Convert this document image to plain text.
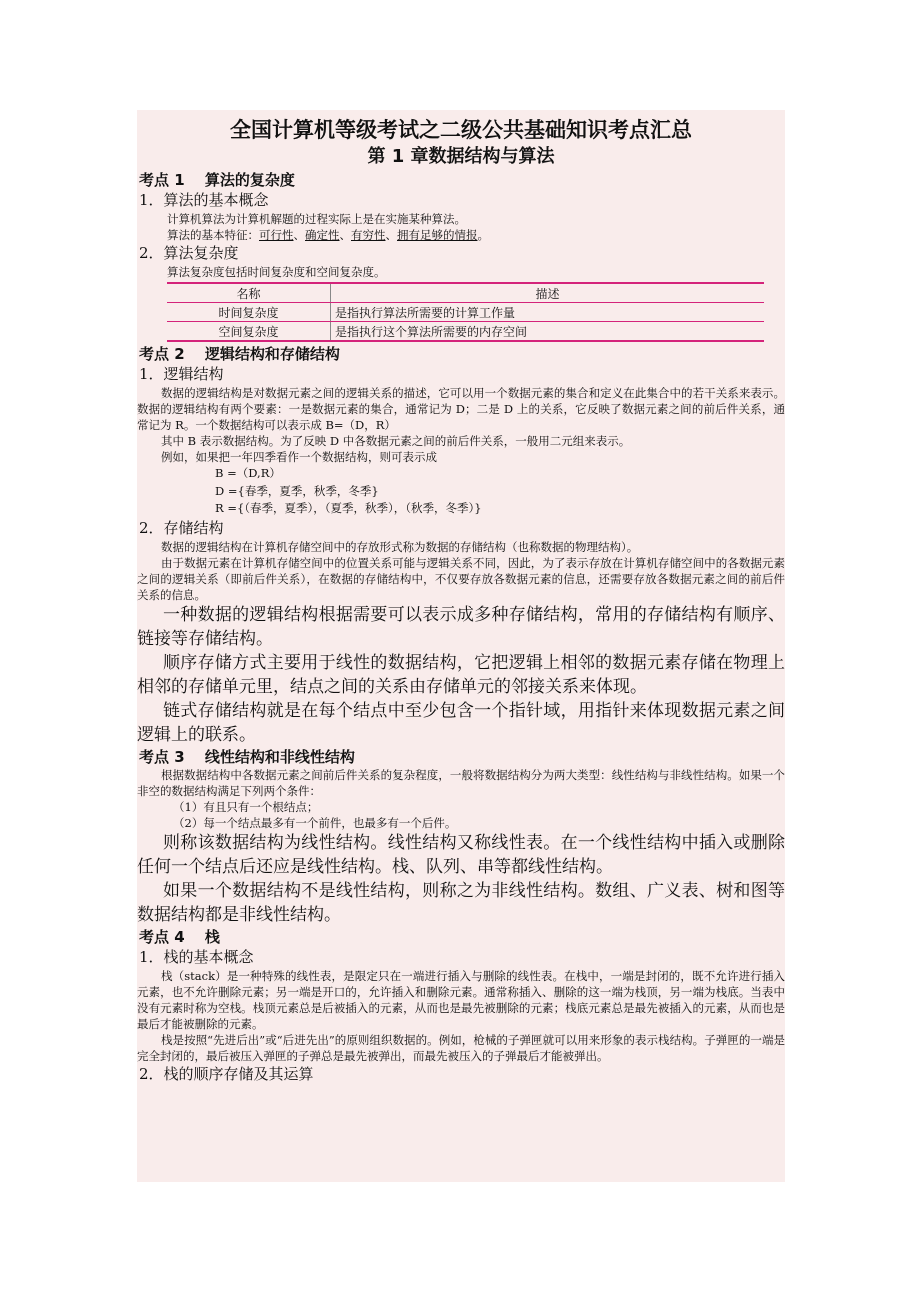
全国计算机等级考试之二级公共基础知识考点汇总
第 1 章数据结构与算法
考点 1　 算法的复杂度
1．算法的基本概念
计算机算法为计算机解题的过程实际上是在实施某种算法。
算法的基本特征：可行性、确定性、有穷性、拥有足够的情报。
2．算法复杂度
算法复杂度包括时间复杂度和空间复杂度。
名称	描述
时间复杂度	是指执行算法所需要的计算工作量
空间复杂度	是指执行这个算法所需要的内存空间
考点 2　 逻辑结构和存储结构
1．逻辑结构
数据的逻辑结构是对数据元素之间的逻辑关系的描述，它可以用一个数据元素的集合和定义在此集合中的若干关系来表示。数据的逻辑结构有两个要素：一是数据元素的集合，通常记为 D；二是 D 上的关系，它反映了数据元素之间的前后件关系，通常记为 R。一个数据结构可以表示成 B=（D，R）
其中 B 表示数据结构。为了反映 D 中各数据元素之间的前后件关系，一般用二元组来表示。
例如，如果把一年四季看作一个数据结构，则可表示成
B =（D,R）
D ={春季，夏季，秋季，冬季}
R ={（春季，夏季），（夏季，秋季），（秋季，冬季）}
2．存储结构
数据的逻辑结构在计算机存储空间中的存放形式称为数据的存储结构（也称数据的物理结构）。
由于数据元素在计算机存储空间中的位置关系可能与逻辑关系不同，因此，为了表示存放在计算机存储空间中的各数据元素之间的逻辑关系（即前后件关系），在数据的存储结构中，不仅要存放各数据元素的信息，还需要存放各数据元素之间的前后件关系的信息。
一种数据的逻辑结构根据需要可以表示成多种存储结构，常用的存储结构有顺序、链接等存储结构。
顺序存储方式主要用于线性的数据结构，它把逻辑上相邻的数据元素存储在物理上相邻的存储单元里，结点之间的关系由存储单元的邻接关系来体现。
链式存储结构就是在每个结点中至少包含一个指针域，用指针来体现数据元素之间逻辑上的联系。
考点 3　 线性结构和非线性结构
根据数据结构中各数据元素之间前后件关系的复杂程度，一般将数据结构分为两大类型：线性结构与非线性结构。如果一个非空的数据结构满足下列两个条件：
（1）有且只有一个根结点；
（2）每一个结点最多有一个前件，也最多有一个后件。
则称该数据结构为线性结构。线性结构又称线性表。在一个线性结构中插入或删除任何一个结点后还应是线性结构。栈、队列、串等都线性结构。
如果一个数据结构不是线性结构，则称之为非线性结构。数组、广义表、树和图等数据结构都是非线性结构。
考点 4　 栈
1．栈的基本概念
栈（stack）是一种特殊的线性表，是限定只在一端进行插入与删除的线性表。在栈中，一端是封闭的，既不允许进行插入元素，也不允许删除元素；另一端是开口的，允许插入和删除元素。通常称插入、删除的这一端为栈顶，另一端为栈底。当表中没有元素时称为空栈。栈顶元素总是后被插入的元素，从而也是最先被删除的元素；栈底元素总是最先被插入的元素，从而也是最后才能被删除的元素。
栈是按照“先进后出”或“后进先出”的原则组织数据的。例如，枪械的子弹匣就可以用来形象的表示栈结构。子弹匣的一端是完全封闭的，最后被压入弹匣的子弹总是最先被弹出，而最先被压入的子弹最后才能被弹出。
2．栈的顺序存储及其运算
